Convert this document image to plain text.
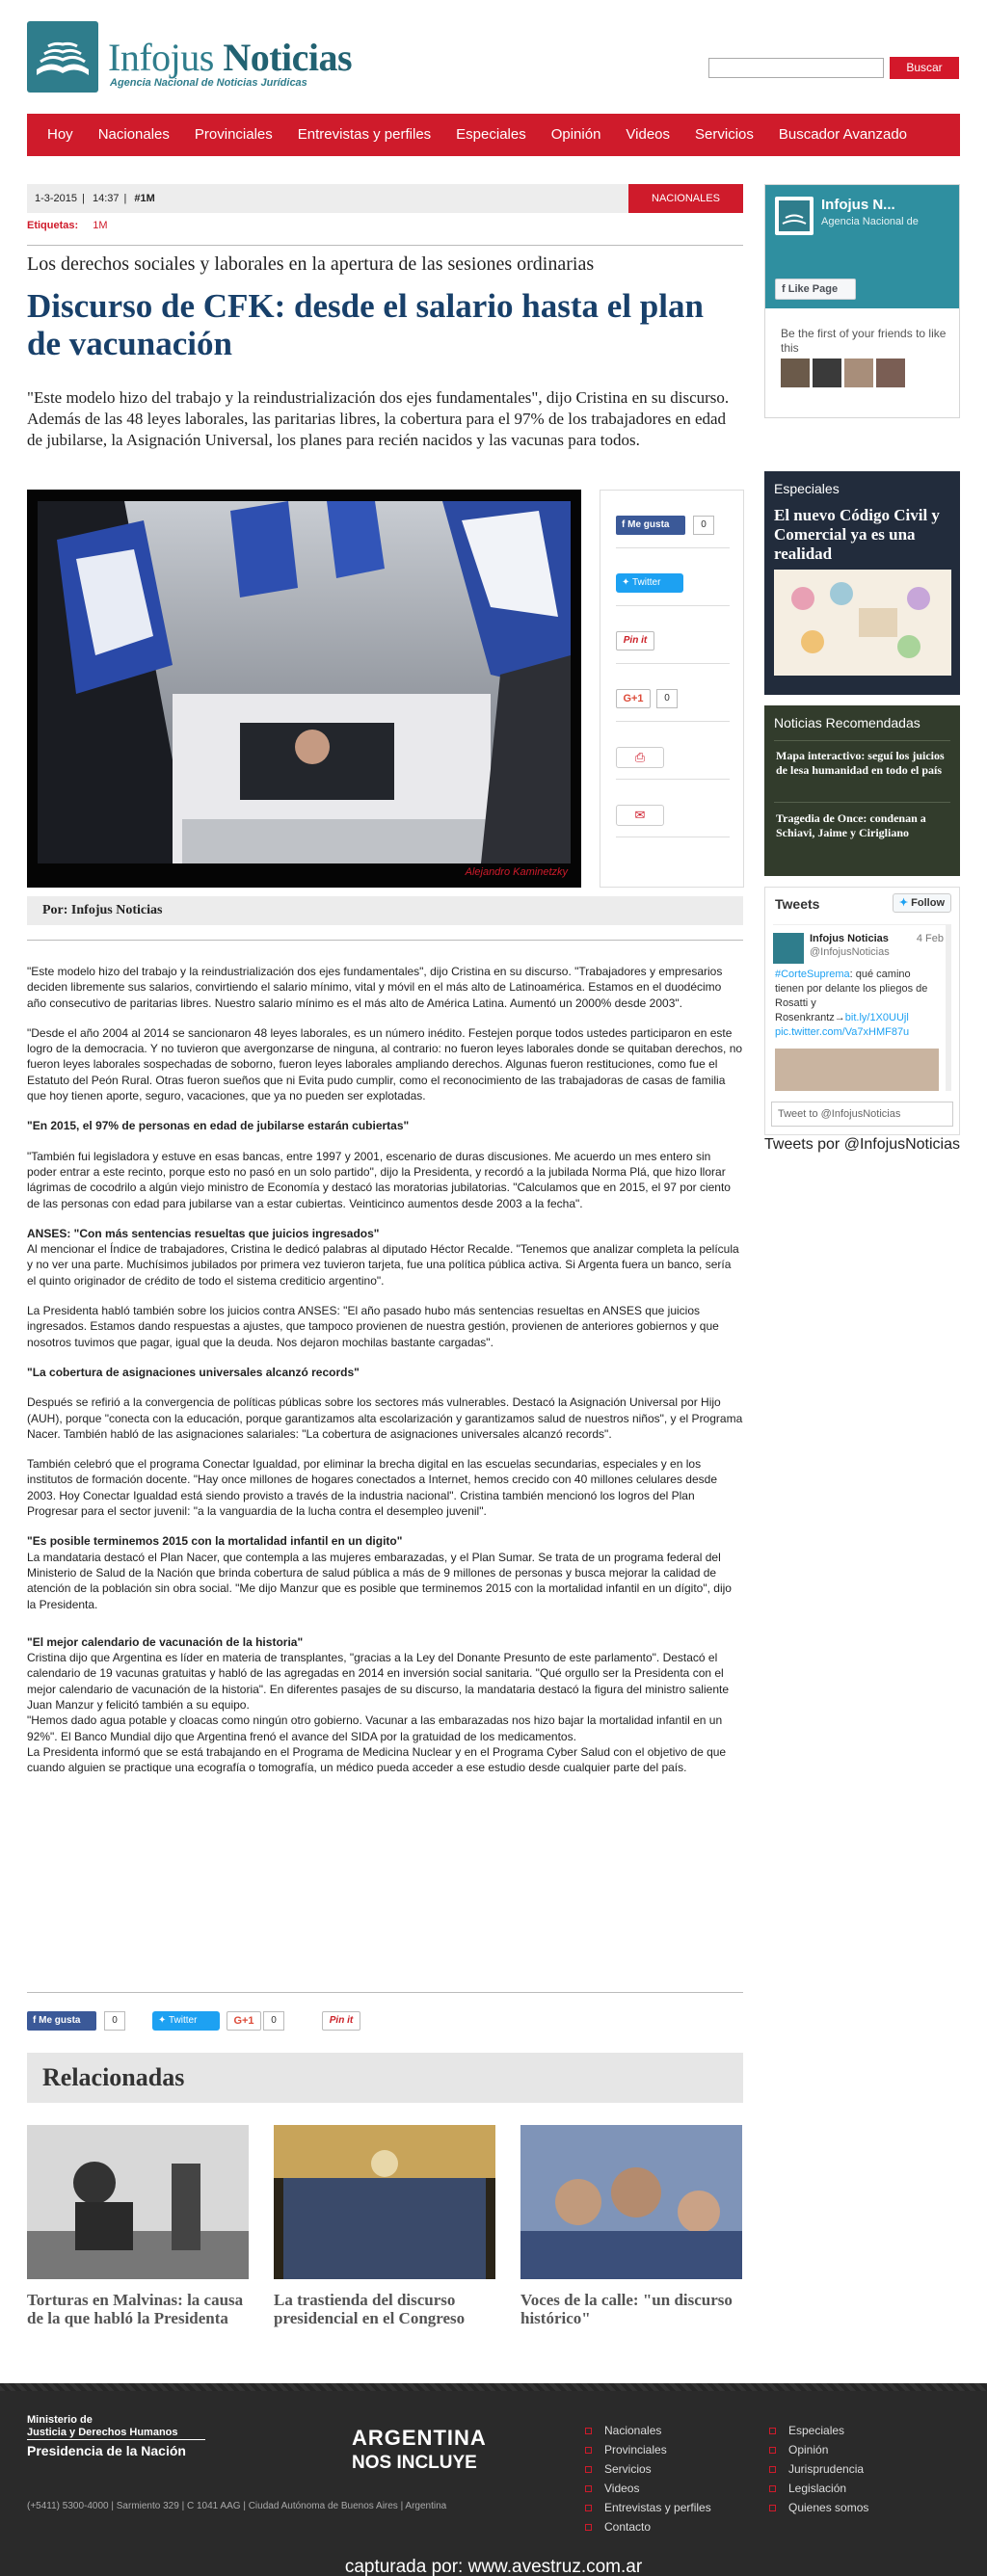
Infojus Noticias
Agencia Nacional de Noticias Jurídicas
Buscar
Hoy	Nacionales	Provinciales	Entrevistas y perfiles	Especiales	Opinión	Videos	Servicios	Buscador Avanzado
1-3-2015 | 14:37 | #1M	NACIONALES
Etiquetas: 1M
Los derechos sociales y laborales en la apertura de las sesiones ordinarias
Discurso de CFK: desde el salario hasta el plan de vacunación
"Este modelo hizo del trabajo y la reindustrialización dos ejes fundamentales", dijo Cristina en su discurso. Además de las 48 leyes laborales, las paritarias libres, la cobertura para el 97% de los trabajadores en edad de jubilarse, la Asignación Universal, los planes para recién nacidos y las vacunas para todos.
Alejandro Kaminetzky
f Me gusta	0
✦ Twitter
Pin it
G+1	0
⎙
✉
Por: Infojus Noticias

"Este modelo hizo del trabajo y la reindustrialización dos ejes fundamentales", dijo Cristina en su discurso. "Trabajadores y empresarios deciden libremente sus salarios, convirtiendo el salario mínimo, vital y móvil en el más alto de Latinoamérica. Estamos en el duodécimo año consecutivo de paritarias libres. Nuestro salario mínimo es el más alto de América Latina. Aumentó un 2000% desde 2003".

"Desde el año 2004 al 2014 se sancionaron 48 leyes laborales, es un número inédito. Festejen porque todos ustedes participaron en este logro de la democracia. Y no tuvieron que avergonzarse de ninguna, al contrario: no fueron leyes laborales donde se quitaban derechos, no fueron leyes laborales sospechadas de soborno, fueron leyes laborales ampliando derechos. Algunas fueron restituciones, como fue el Estatuto del Peón Rural. Otras fueron sueños que ni Evita pudo cumplir, como el reconocimiento de las trabajadoras de casas de familia que hoy tienen aporte, seguro, vacaciones, que ya no pueden ser explotadas.

"En 2015, el 97% de personas en edad de jubilarse estarán cubiertas"

"También fui legisladora y estuve en esas bancas, entre 1997 y 2001, escenario de duras discusiones. Me acuerdo un mes entero sin poder entrar a este recinto, porque esto no pasó en un solo partido", dijo la Presidenta, y recordó a la jubilada Norma Plá, que hizo llorar lágrimas de cocodrilo a algún viejo ministro de Economía y destacó las moratorias jubilatorias. "Calculamos que en 2015, el 97 por ciento de las personas con edad para jubilarse van a estar cubiertas. Veinticinco aumentos desde 2003 a la fecha".

ANSES: "Con más sentencias resueltas que juicios ingresados"
Al mencionar el Índice de trabajadores, Cristina le dedicó palabras al diputado Héctor Recalde. "Tenemos que analizar completa la película y no ver una parte. Muchísimos jubilados por primera vez tuvieron tarjeta, fue una política pública activa. Si Argenta fuera un banco, sería el quinto originador de crédito de todo el sistema crediticio argentino".

La Presidenta habló también sobre los juicios contra ANSES: "El año pasado hubo más sentencias resueltas en ANSES que juicios ingresados. Estamos dando respuestas a ajustes, que tampoco provienen de nuestra gestión, provienen de anteriores gobiernos y que nosotros tuvimos que pagar, igual que la deuda. Nos dejaron mochilas bastante cargadas".

"La cobertura de asignaciones universales alcanzó records"

Después se refirió a la convergencia de políticas públicas sobre los sectores más vulnerables. Destacó la Asignación Universal por Hijo (AUH), porque "conecta con la educación, porque garantizamos alta escolarización y garantizamos salud de nuestros niños", y el Programa Nacer. También habló de las asignaciones salariales: "La cobertura de asignaciones universales alcanzó records".

También celebró que el programa Conectar Igualdad, por eliminar la brecha digital en las escuelas secundarias, especiales y en los institutos de formación docente. "Hay once millones de hogares conectados a Internet, hemos crecido con 40 millones celulares desde 2003. Hoy Conectar Igualdad está siendo provisto a través de la industria nacional". Cristina también mencionó los logros del Plan Progresar para el sector juvenil: "a la vanguardia de la lucha contra el desempleo juvenil".

"Es posible terminemos 2015 con la mortalidad infantil en un digito"
La mandataria destacó el Plan Nacer, que contempla a las mujeres embarazadas, y el Plan Sumar. Se trata de un programa federal del Ministerio de Salud de la Nación que brinda cobertura de salud pública a más de 9 millones de personas y busca mejorar la calidad de atención de la población sin obra social. "Me dijo Manzur que es posible que terminemos 2015 con la mortalidad infantil en un dígito", dijo la Presidenta.

"El mejor calendario de vacunación de la historia"
Cristina dijo que Argentina es líder en materia de transplantes, "gracias a la Ley del Donante Presunto de este parlamento". Destacó el calendario de 19 vacunas gratuitas y habló de las agregadas en 2014 en inversión social sanitaria. "Qué orgullo ser la Presidenta con el mejor calendario de vacunación de la historia". En diferentes pasajes de su discurso, la mandataria destacó la figura del ministro saliente Juan Manzur y felicitó también a su equipo.
"Hemos dado agua potable y cloacas como ningún otro gobierno. Vacunar a las embarazadas nos hizo bajar la mortalidad infantil en un 92%". El Banco Mundial dijo que Argentina frenó el avance del SIDA por la gratuidad de los medicamentos.
La Presidenta informó que se está trabajando en el Programa de Medicina Nuclear y en el Programa Cyber Salud con el objetivo de que cuando alguien se practique una ecografía o tomografía, un médico pueda acceder a ese estudio desde cualquier parte del país.

f Me gusta	0	✦ Twitter	G+1	0	Pin it
Relacionadas
Torturas en Malvinas: la causa de la que habló la Presidenta
La trastienda del discurso presidencial en el Congreso
Voces de la calle: "un discurso histórico"
Infojus N...
Agencia Nacional de
f Like Page
Be the first of your friends to like this
Especiales
El nuevo Código Civil y Comercial ya es una realidad
Noticias Recomendadas
Mapa interactivo: seguí los juicios de lesa humanidad en todo el país
Tragedia de Once: condenan a Schiavi, Jaime y Cirigliano
Tweets	✦ Follow
Infojus Noticias
@InfojusNoticias
4 Feb
#CorteSuprema: qué camino tienen por delante los pliegos de Rosatti y Rosenkrantz→bit.ly/1X0UUjl pic.twitter.com/Va7xHMF87u
Tweet to @InfojusNoticias
Tweets por @InfojusNoticias
Ministerio de
Justicia y Derechos Humanos
Presidencia de la Nación
ARGENTINA
NOS INCLUYE
(+5411) 5300-4000 | Sarmiento 329 | C 1041 AAG | Ciudad Autónoma de Buenos Aires | Argentina
Nacionales
Provinciales
Servicios
Videos
Entrevistas y perfiles
Contacto
Especiales
Opinión
Jurisprudencia
Legislación
Quienes somos
capturada por: www.avestruz.com.ar
